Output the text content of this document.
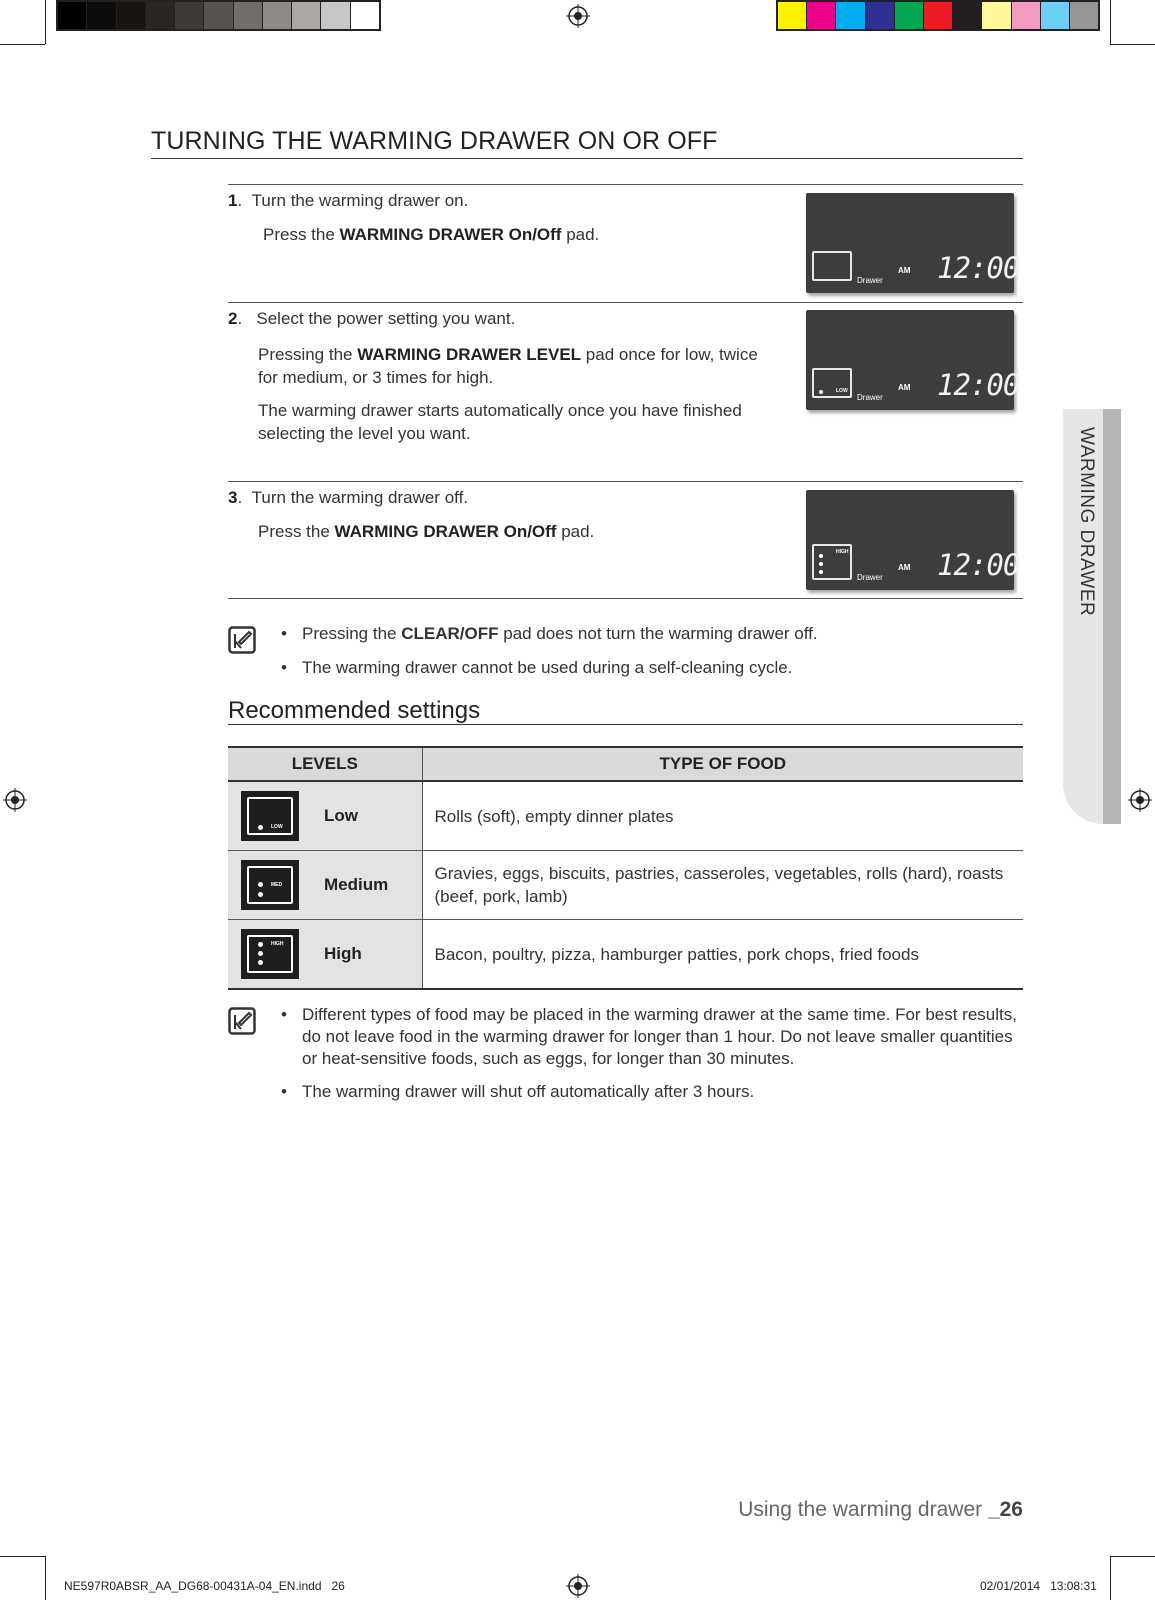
TURNING THE WARMING DRAWER ON OR OFF
1.  Turn the warming drawer on.
Press the WARMING DRAWER On/Off pad.
Drawer
AM 12:00
2.   Select the power setting you want.
Pressing the WARMING DRAWER LEVEL pad once for low, twice for medium, or 3 times for high.
The warming drawer starts automatically once you have finished selecting the level you want.
LOW
Drawer
AM 12:00
3.  Turn the warming drawer off.
Press the WARMING DRAWER On/Off pad.
HIGH
Drawer
AM 12:00
• Pressing the CLEAR/OFF pad does not turn the warming drawer off.
• The warming drawer cannot be used during a self-cleaning cycle.
Recommended settings
LEVELS		TYPE OF FOOD

LOW	Low	Rolls (soft), empty dinner plates

MED	Medium	Gravies, eggs, biscuits, pastries, casseroles, vegetables, rolls (hard), roasts (beef, pork, lamb)

HIGH	High	Bacon, poultry, pizza, hamburger patties, pork chops, fried foods
• Different types of food may be placed in the warming drawer at the same time. For best results, do not leave food in the warming drawer for longer than 1 hour. Do not leave smaller quantities or heat-sensitive foods, such as eggs, for longer than 30 minutes.
• The warming drawer will shut off automatically after 3 hours.
WARMING DRAWER
Using the warming drawer _26
NE597R0ABSR_AA_DG68-00431A-04_EN.indd   26	02/01/2014 13:08:31
